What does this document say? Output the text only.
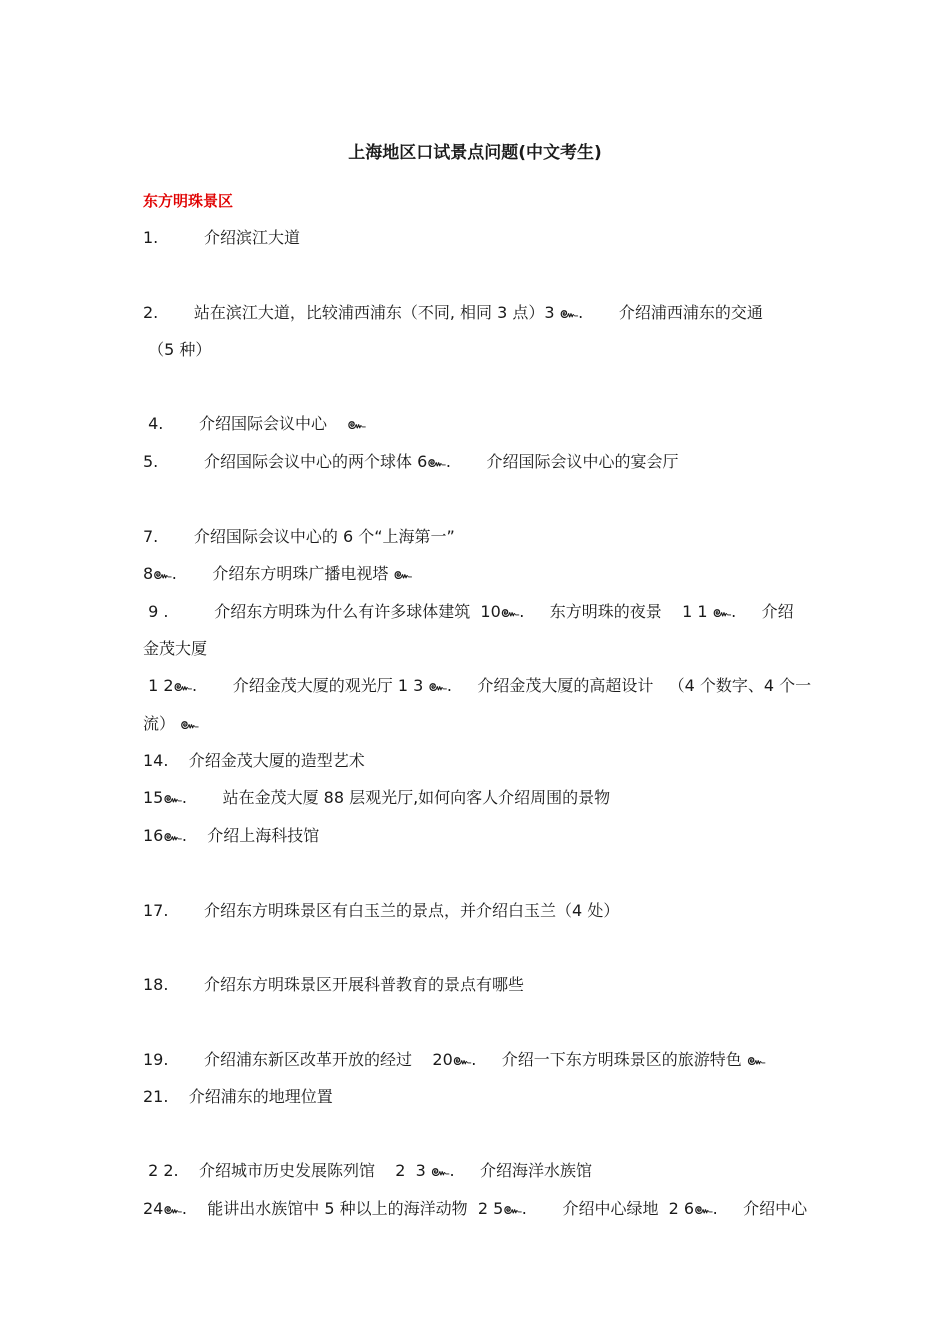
上海地区口试景点问题(中文考生)
东方明珠景区
1.         介绍滨江大道
2.       站在滨江大道，比较浦西浦东（不同, 相同 3 点）3 ๛.       介绍浦西浦东的交通
（5 种）
4.       介绍国际会议中心    ๛
5.         介绍国际会议中心的两个球体 6๛.       介绍国际会议中心的宴会厅
7.       介绍国际会议中心的 6 个“上海第一”
8๛.       介绍东方明珠广播电视塔 ๛
9 .         介绍东方明珠为什么有许多球体建筑  10๛.     东方明珠的夜景    1 1 ๛.     介绍
金茂大厦
1 2๛.       介绍金茂大厦的观光厅 1 3 ๛.     介绍金茂大厦的高超设计   （4 个数字、4 个一
流） ๛
14.    介绍金茂大厦的造型艺术
15๛.       站在金茂大厦 88 层观光厅,如何向客人介绍周围的景物
16๛.    介绍上海科技馆
17.       介绍东方明珠景区有白玉兰的景点，并介绍白玉兰（4 处）
18.       介绍东方明珠景区开展科普教育的景点有哪些
19.       介绍浦东新区改革开放的经过    20๛.     介绍一下东方明珠景区的旅游特色 ๛
21.    介绍浦东的地理位置
2 2.    介绍城市历史发展陈列馆    2  3 ๛.     介绍海洋水族馆
24๛.    能讲出水族馆中 5 种以上的海洋动物  2 5๛.       介绍中心绿地  2 6๛.     介绍中心
